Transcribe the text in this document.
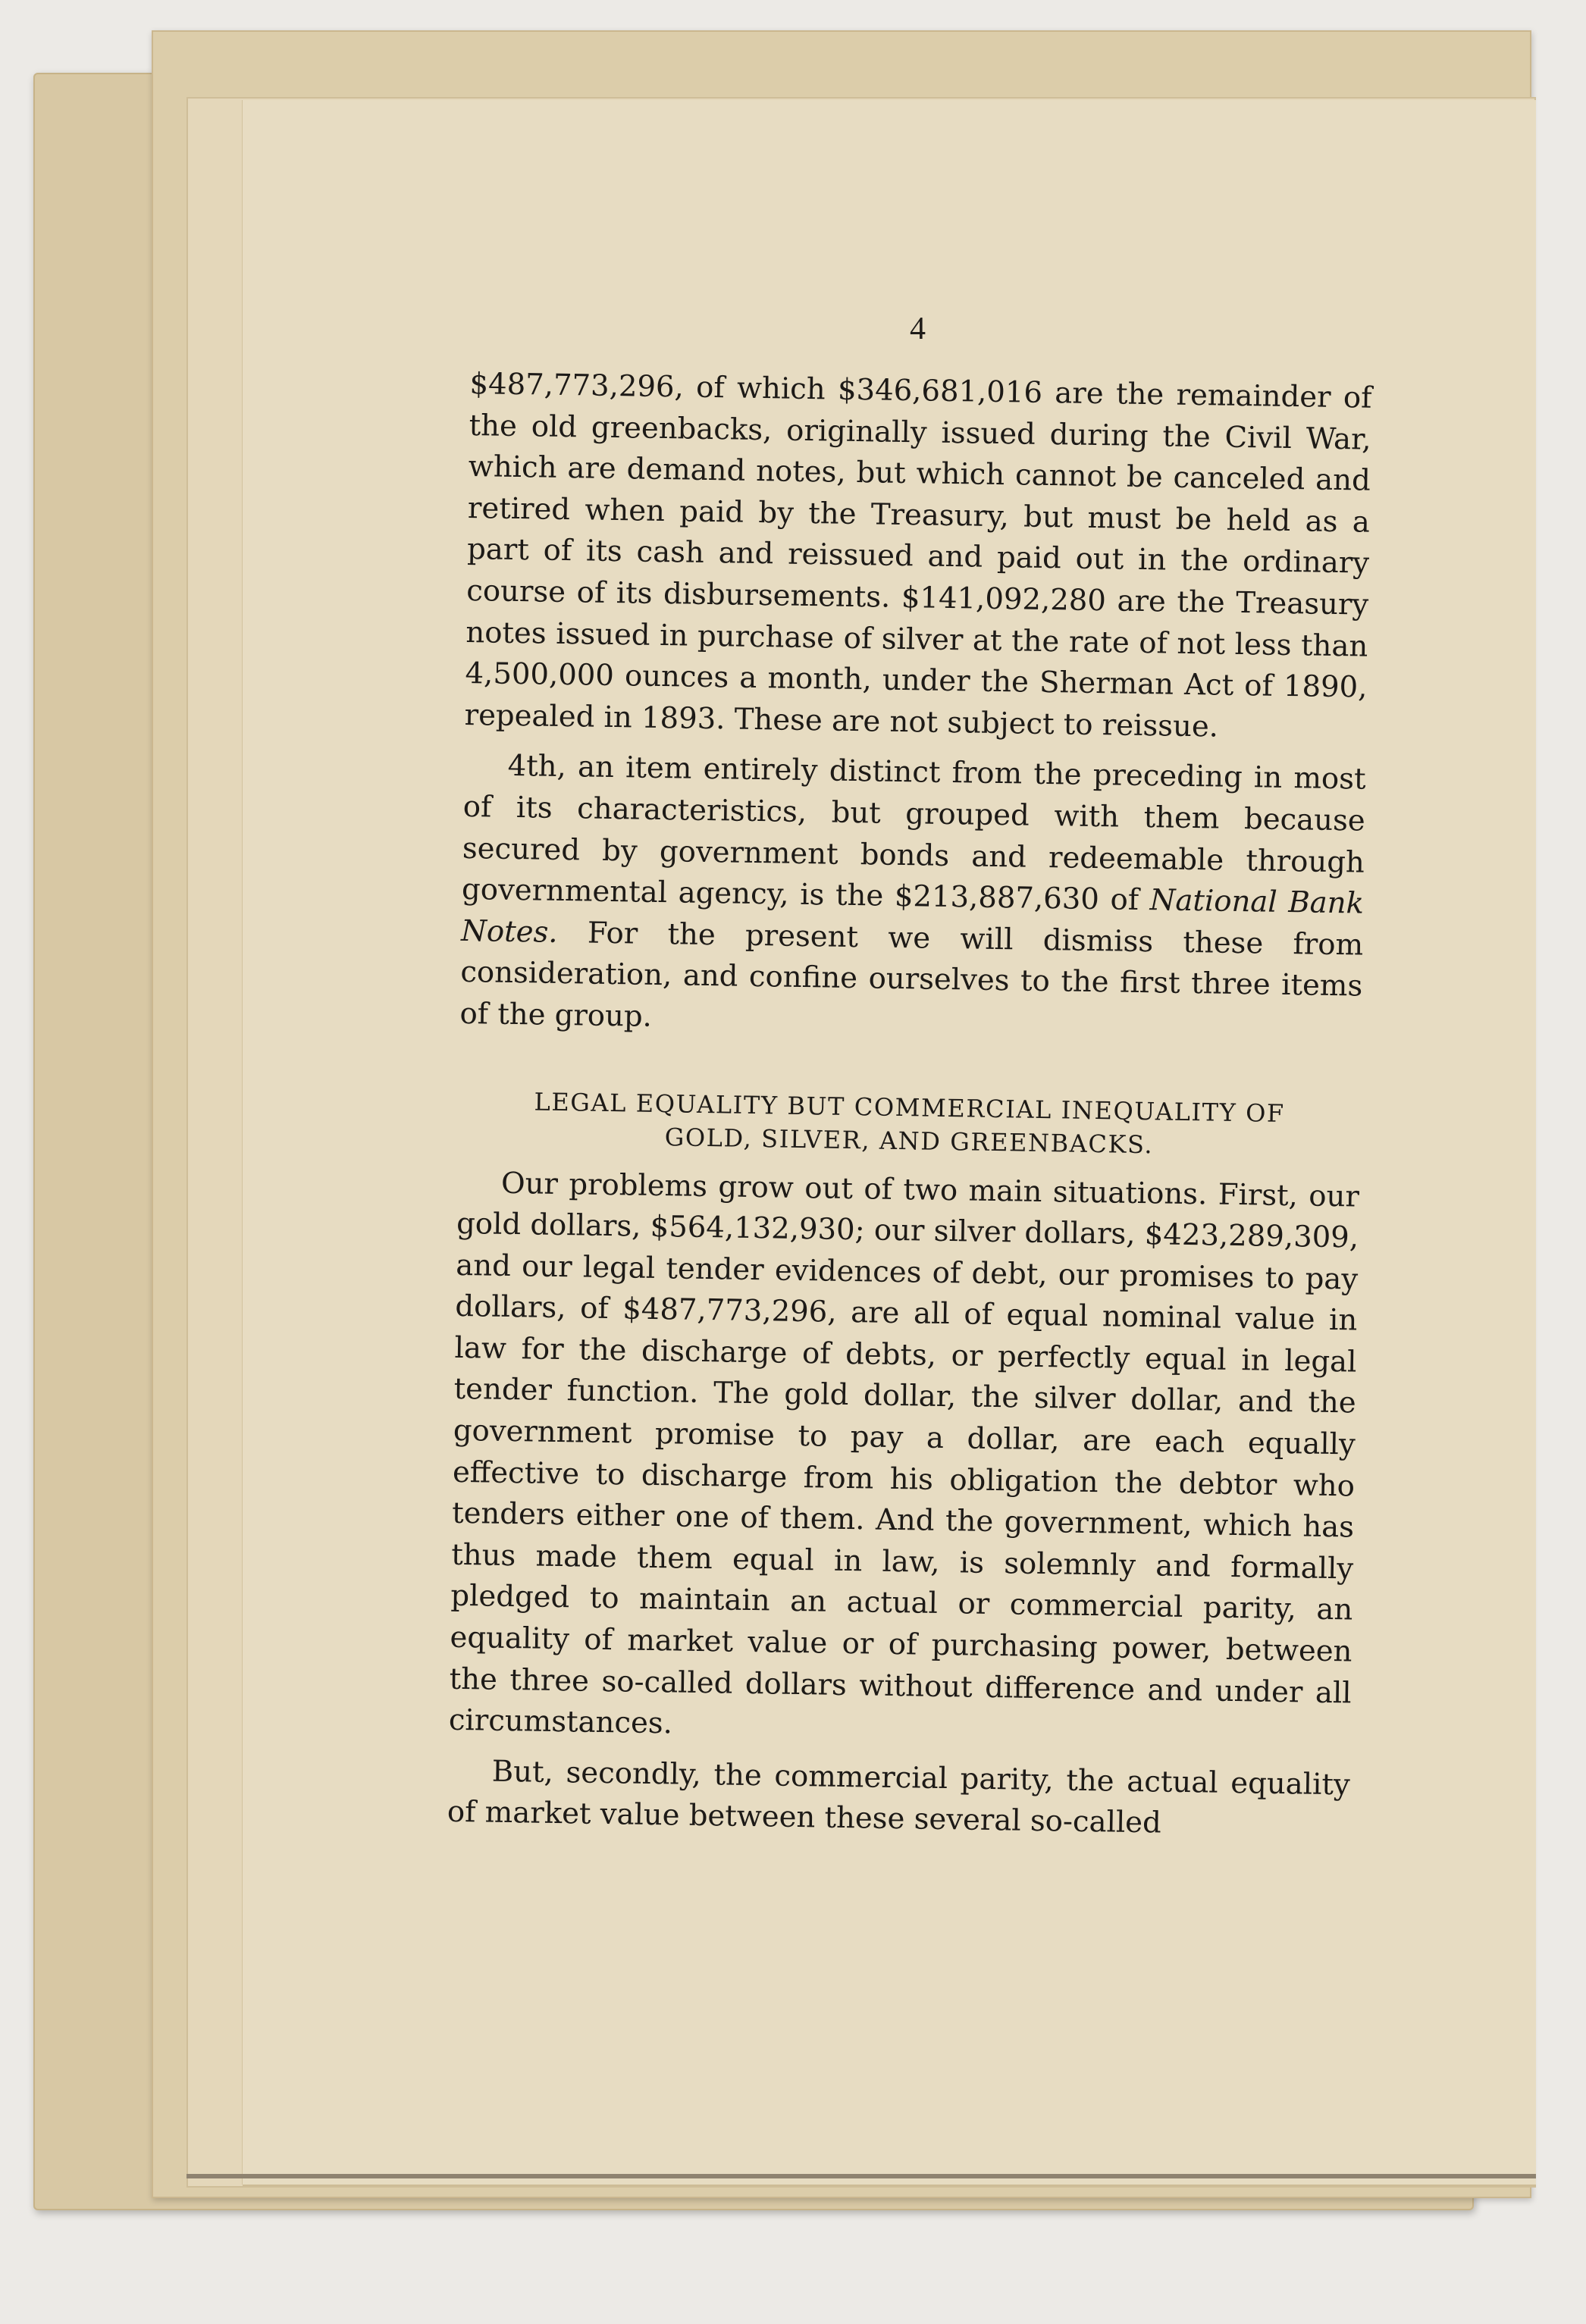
4

$487,773,296, of which $346,681,016 are the remainder of the old greenbacks, originally issued during the Civil War, which are demand notes, but which cannot be canceled and retired when paid by the Treasury, but must be held as a part of its cash and reissued and paid out in the ordinary course of its disbursements. $141,092,280 are the Treasury notes issued in purchase of silver at the rate of not less than 4,500,000 ounces a month, under the Sherman Act of 1890, repealed in 1893. These are not subject to reissue.

4th, an item entirely distinct from the preceding in most of its characteristics, but grouped with them because secured by government bonds and redeemable through governmental agency, is the $213,887,630 of National Bank Notes. For the present we will dismiss these from consideration, and confine ourselves to the first three items of the group.

LEGAL EQUALITY BUT COMMERCIAL INEQUALITY OF
GOLD, SILVER, AND GREENBACKS.

Our problems grow out of two main situations. First, our gold dollars, $564,132,930; our silver dollars, $423,289,309, and our legal tender evidences of debt, our promises to pay dollars, of $487,773,296, are all of equal nominal value in law for the discharge of debts, or perfectly equal in legal tender function. The gold dollar, the silver dollar, and the government promise to pay a dollar, are each equally effective to discharge from his obligation the debtor who tenders either one of them. And the government, which has thus made them equal in law, is solemnly and formally pledged to maintain an actual or commercial parity, an equality of market value or of purchasing power, between the three so-called dollars without difference and under all circumstances.

But, secondly, the commercial parity, the actual equality of market value between these several so-called
